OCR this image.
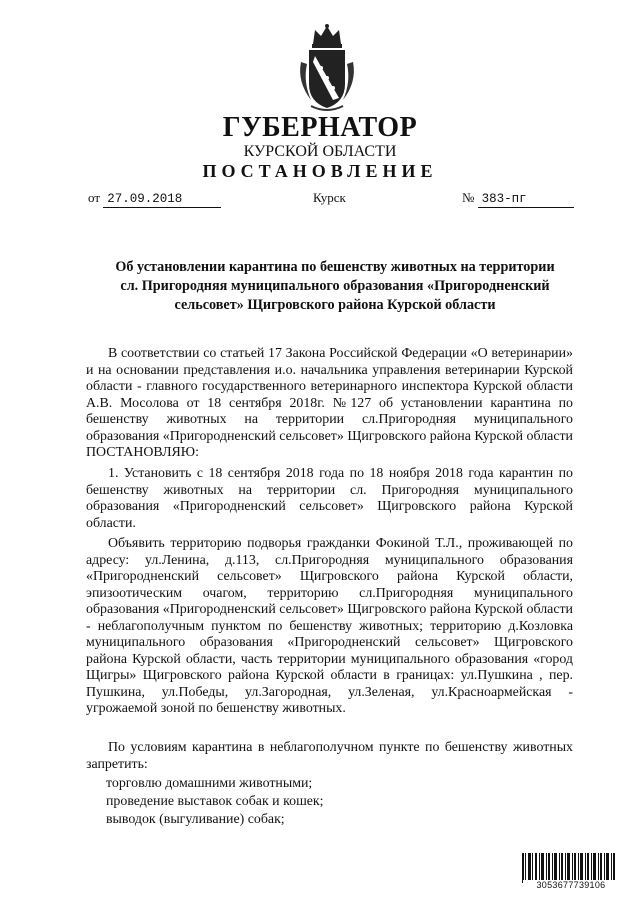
ГУБЕРНАТОР
КУРСКОЙ ОБЛАСТИ
ПОСТАНОВЛЕНИЕ
от 27.09.2018	Курск	№ 383-пг
Об установлении карантина по бешенству животных на территории
сл. Пригородняя муниципального образования «Пригородненский
сельсовет» Щигровского района Курской области

В соответствии со статьей 17 Закона Российской Федерации «О ветеринарии» и на основании представления и.о. начальника управления ветеринарии Курской области - главного государственного ветеринарного инспектора Курской области А.В. Мосолова от 18 сентября 2018г. №127 об установлении карантина по бешенству животных на территории сл.Пригородняя муниципального образования «Пригородненский сельсовет» Щигровского района Курской области ПОСТАНОВЛЯЮ:

1. Установить с 18 сентября 2018 года по 18 ноября 2018 года карантин по бешенству животных на территории сл. Пригородняя муниципального образования «Пригородненский сельсовет» Щигровского района Курской области.

Объявить территорию подворья гражданки Фокиной Т.Л., проживающей по адресу: ул.Ленина, д.113, сл.Пригородняя муниципального образования «Пригородненский сельсовет» Щигровского района Курской области, эпизоотическим очагом, территорию сл.Пригородняя муниципального образования «Пригородненский сельсовет» Щигровского района Курской области - неблагополучным пунктом по бешенству животных; территорию д.Козловка муниципального образования «Пригородненский сельсовет» Щигровского района Курской области, часть территории муниципального образования «город Щигры» Щигровского района Курской области в границах: ул.Пушкина , пер. Пушкина, ул.Победы, ул.Загородная, ул.Зеленая, ул.Красноармейская - угрожаемой зоной по бешенству животных.

По условиям карантина в неблагополучном пункте по бешенству животных запретить:

торговлю домашними животными;
проведение выставок собак и кошек;
выводок (выгуливание) собак;
3053677739106
